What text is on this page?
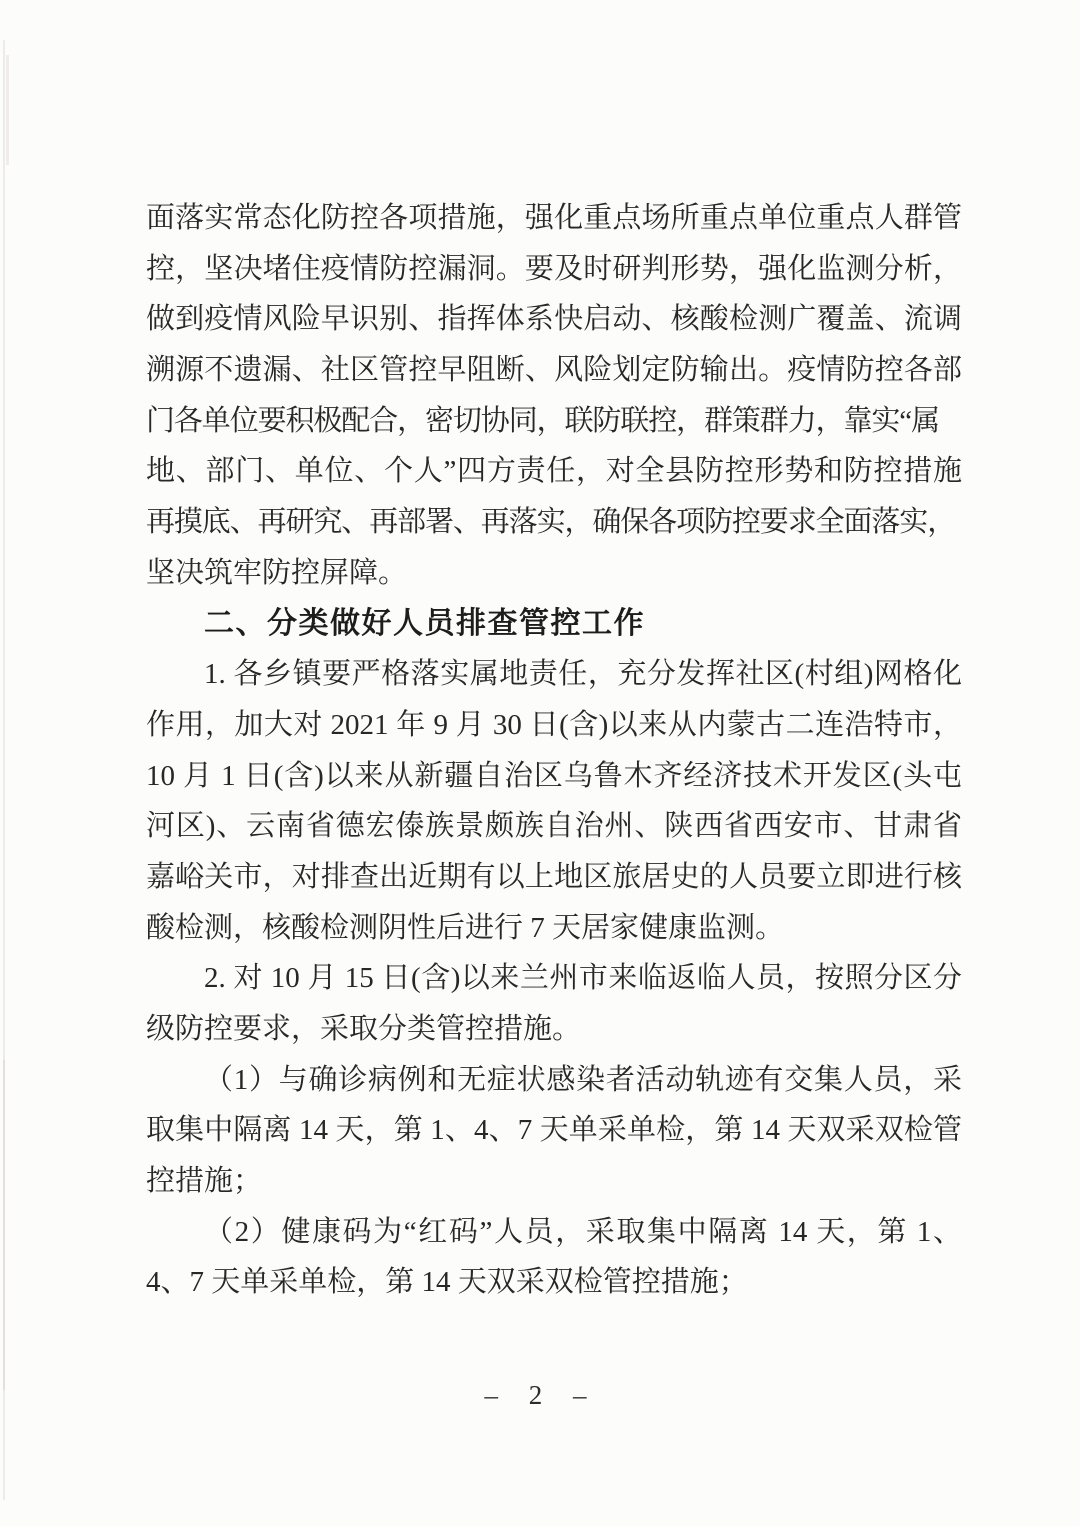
面落实常态化防控各项措施，强化重点场所重点单位重点人群管
控，坚决堵住疫情防控漏洞。要及时研判形势，强化监测分析，
做到疫情风险早识别、指挥体系快启动、核酸检测广覆盖、流调
溯源不遗漏、社区管控早阻断、风险划定防输出。疫情防控各部
门各单位要积极配合，密切协同，联防联控，群策群力，靠实“属
地、部门、单位、个人”四方责任，对全县防控形势和防控措施
再摸底、再研究、再部署、再落实，确保各项防控要求全面落实，
坚决筑牢防控屏障。
二、分类做好人员排查管控工作
1. 各乡镇要严格落实属地责任，充分发挥社区(村组)网格化
作用，加大对 2021 年 9 月 30 日(含)以来从内蒙古二连浩特市，
10 月 1 日(含)以来从新疆自治区乌鲁木齐经济技术开发区(头屯
河区)、云南省德宏傣族景颇族自治州、陕西省西安市、甘肃省
嘉峪关市，对排查出近期有以上地区旅居史的人员要立即进行核
酸检测，核酸检测阴性后进行 7 天居家健康监测。
2. 对 10 月 15 日(含)以来兰州市来临返临人员，按照分区分
级防控要求，采取分类管控措施。
（1）与确诊病例和无症状感染者活动轨迹有交集人员，采
取集中隔离 14 天，第 1、4、7 天单采单检，第 14 天双采双检管
控措施；
（2）健康码为“红码”人员，采取集中隔离 14 天，第 1、
4、7 天单采单检，第 14 天双采双检管控措施；
– 2 –
